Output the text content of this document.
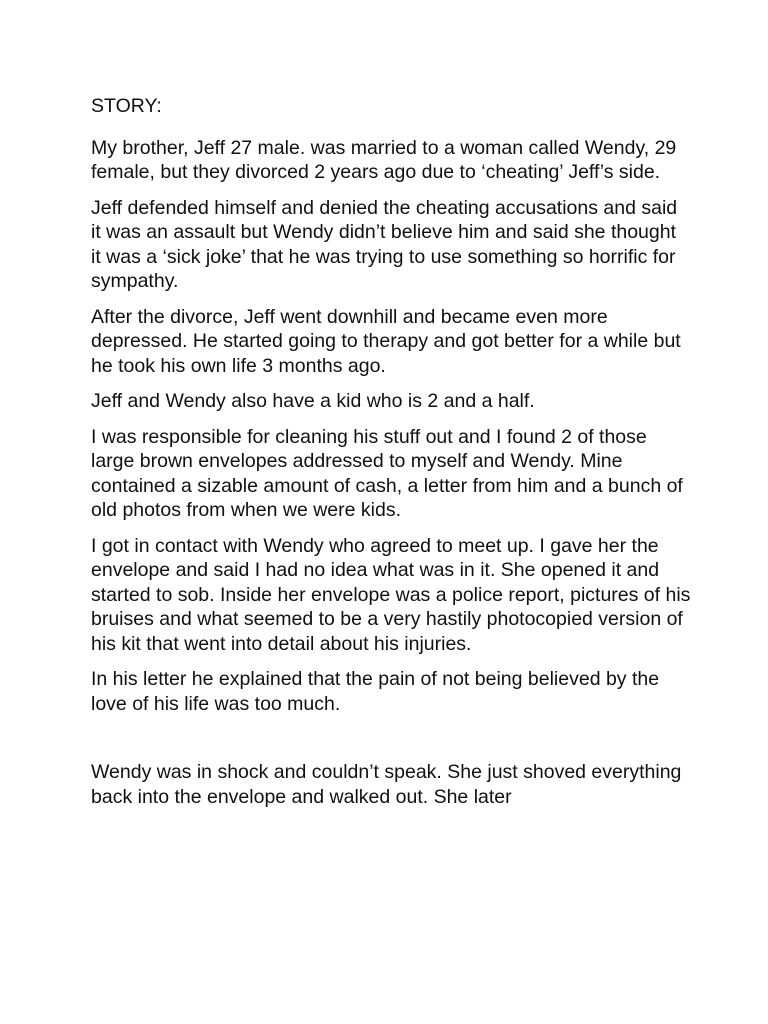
STORY:

My brother, Jeff 27 male. was married to a woman called Wendy, 29 female, but they divorced 2 years ago due to ‘cheating’ Jeff’s side.

Jeff defended himself and denied the cheating accusations and said it was an assault but Wendy didn’t believe him and said she thought it was a ‘sick joke’ that he was trying to use something so horrific for sympathy.

After the divorce, Jeff went downhill and became even more depressed. He started going to therapy and got better for a while but he took his own life 3 months ago.

Jeff and Wendy also have a kid who is 2 and a half.

I was responsible for cleaning his stuff out and I found 2 of those large brown envelopes addressed to myself and Wendy. Mine contained a sizable amount of cash, a letter from him and a bunch of old photos from when we were kids.

I got in contact with Wendy who agreed to meet up. I gave her the envelope and said I had no idea what was in it. She opened it and started to sob. Inside her envelope was a police report, pictures of his bruises and what seemed to be a very hastily photocopied version of his kit that went into detail about his injuries.

In his letter he explained that the pain of not being believed by the love of his life was too much.

Wendy was in shock and couldn’t speak. She just shoved everything back into the envelope and walked out. She later
